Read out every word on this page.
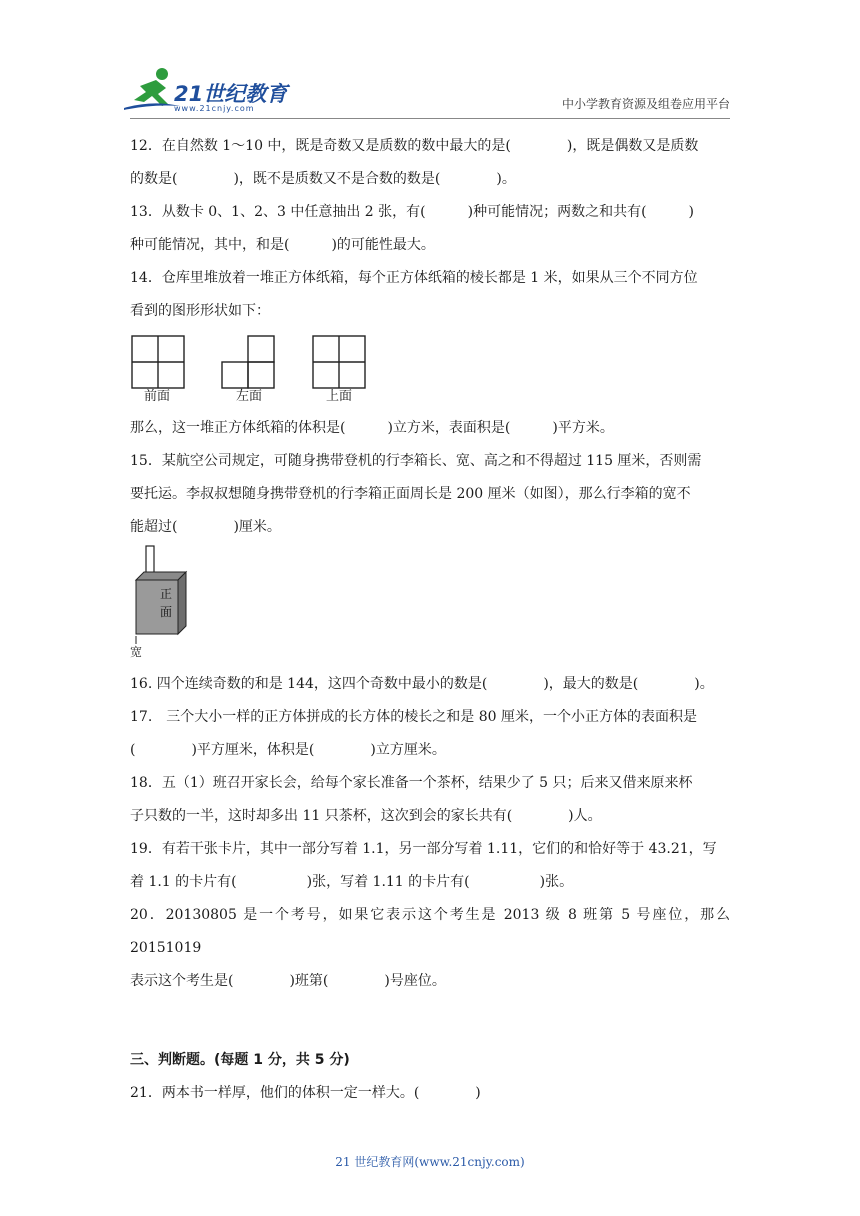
21世纪教育
www.21cnjy.com	中小学教育资源及组卷应用平台

12．在自然数 1～10 中，既是奇数又是质数的数中最大的是(　　　　)，既是偶数又是质数

的数是(　　　　)，既不是质数又不是合数的数是(　　　　)。

13．从数卡 0、1、2、3 中任意抽出 2 张，有(　　　)种可能情况；两数之和共有(　　　)

种可能情况，其中，和是(　　　)的可能性最大。

14．仓库里堆放着一堆正方体纸箱，每个正方体纸箱的棱长都是 1 米，如果从三个不同方位

看到的图形形状如下：

前面	左面	上面

那么，这一堆正方体纸箱的体积是(　　　)立方米，表面积是(　　　)平方米。

15．某航空公司规定，可随身携带登机的行李箱长、宽、高之和不得超过 115 厘米，否则需

要托运。李叔叔想随身携带登机的行李箱正面周长是 200 厘米（如图），那么行李箱的宽不

能超过(　　　　)厘米。

正
面
宽

16. 四个连续奇数的和是 144，这四个奇数中最小的数是(　　　　)，最大的数是(　　　　)。

17.　三个大小一样的正方体拼成的长方体的棱长之和是 80 厘米，一个小正方体的表面积是

(　　　　)平方厘米，体积是(　　　　)立方厘米。

18．五（1）班召开家长会，给每个家长准备一个茶杯，结果少了 5 只；后来又借来原来杯

子只数的一半，这时却多出 11 只茶杯，这次到会的家长共有(　　　　)人。

19．有若干张卡片，其中一部分写着 1.1，另一部分写着 1.11，它们的和恰好等于 43.21，写

着 1.1 的卡片有(　　　　　)张，写着 1.11 的卡片有(　　　　　)张。

20．20130805 是一个考号，如果它表示这个考生是 2013 级 8 班第 5 号座位，那么 20151019

表示这个考生是(　　　　)班第(　　　　)号座位。

三、判断题。(每题 1 分，共 5 分)

21．两本书一样厚，他们的体积一定一样大。(　　　　)

21 世纪教育网(www.21cnjy.com)
